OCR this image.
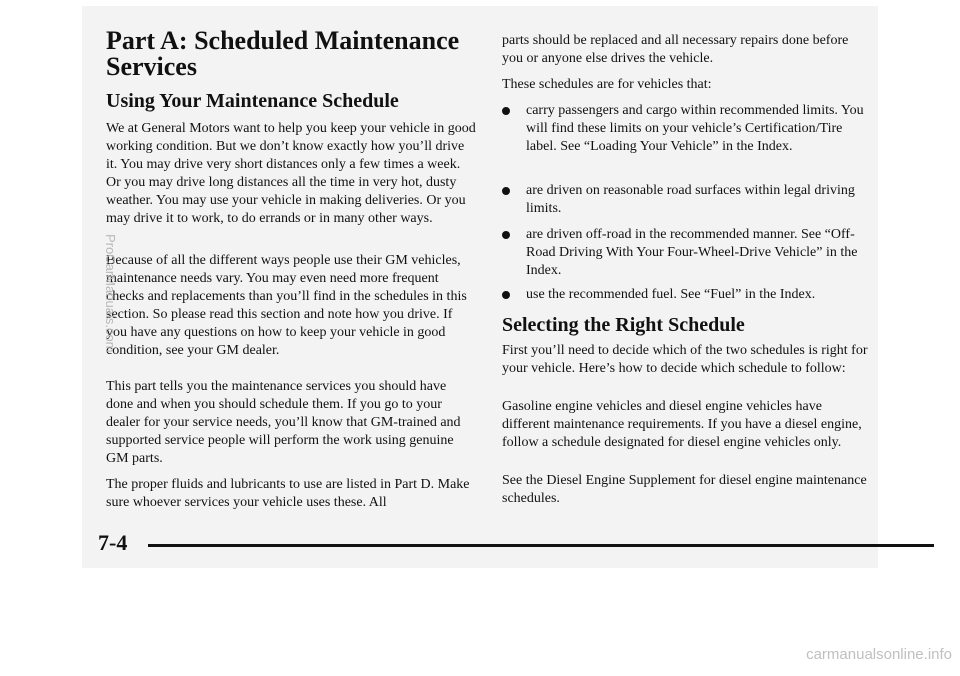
Part A: Scheduled Maintenance Services
Using Your Maintenance Schedule

We at General Motors want to help you keep your vehicle in good working condition. But we don’t know exactly how you’ll drive it. You may drive very short distances only a few times a week. Or you may drive long distances all the time in very hot, dusty weather. You may use your vehicle in making deliveries. Or you may drive it to work, to do errands or in many other ways.

Because of all the different ways people use their GM vehicles, maintenance needs vary. You may even need more frequent checks and replacements than you’ll find in the schedules in this section. So please read this section and note how you drive. If you have any questions on how to keep your vehicle in good condition, see your GM dealer.

This part tells you the maintenance services you should have done and when you should schedule them. If you go to your dealer for your service needs, you’ll know that GM-trained and supported service people will perform the work using genuine GM parts.

The proper fluids and lubricants to use are listed in Part D. Make sure whoever services your vehicle uses these. All

parts should be replaced and all necessary repairs done before you or anyone else drives the vehicle.

These schedules are for vehicles that:

carry passengers and cargo within recommended limits. You will find these limits on your vehicle’s Certification/Tire label. See “Loading Your Vehicle” in the Index.
are driven on reasonable road surfaces within legal driving limits.
are driven off-road in the recommended manner. See “Off-Road Driving With Your Four-Wheel-Drive Vehicle” in the Index.
use the recommended fuel. See “Fuel” in the Index.
Selecting the Right Schedule

First you’ll need to decide which of the two schedules is right for your vehicle. Here’s how to decide which schedule to follow:

Gasoline engine vehicles and diesel engine vehicles have different maintenance requirements. If you have a diesel engine, follow a schedule designated for diesel engine vehicles only.

See the Diesel Engine Supplement for diesel engine maintenance schedules.

7-4
ProCarManuals.com
carmanualsonline.info
